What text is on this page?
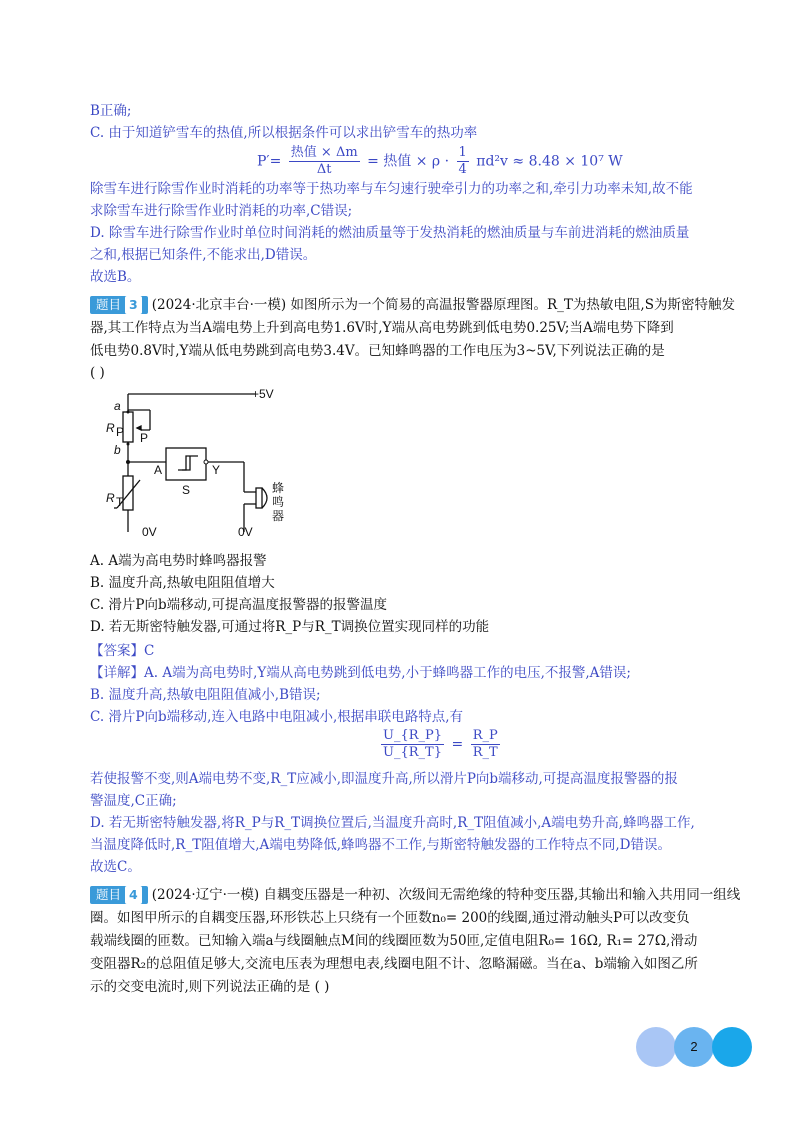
B正确;
C. 由于知道铲雪车的热值,所以根据条件可以求出铲雪车的热功率
$P'= \frac{\text{热值 × Δm}}{\Delta t}$ = 热值 × $\rho \cdot \frac{1}{4} \pi d^2v \approx 8.48 \times 10^7$ W
除雪车进行除雪作业时消耗的功率等于热功率与车匀速行驶牵引力的功率之和,牵引力功率未知,故不能
求除雪车进行除雪作业时消耗的功率,C错误;
D. 除雪车进行除雪作业时单位时间消耗的燃油质量等于发热消耗的燃油质量与车前进消耗的燃油质量
之和,根据已知条件,不能求出,D错误。
故选B。
题目 3 (2024·北京丰台·一模) 如图所示为一个简易的高温报警器原理图。R_T为热敏电阻,S为斯密特触发
器,其工作特点为当A端电势上升到高电势1.6V时,Y端从高电势跳到低电势0.25V;当A端电势下降到
低电势0.8V时,Y端从低电势跳到高电势3.4V。已知蜂鸣器的工作电压为3~5V,下列说法正确的是
( )
+5V
a
b
R P P
R T
A
S
Y
0V	0V
蜂
鸣
器
A. A端为高电势时蜂鸣器报警
B. 温度升高,热敏电阻阻值增大
C. 滑片P向b端移动,可提高温度报警器的报警温度
D. 若无斯密特触发器,可通过将R_P与R_T调换位置实现同样的功能
【答案】C
【详解】A. A端为高电势时,Y端从高电势跳到低电势,小于蜂鸣器工作的电压,不报警,A错误;
B. 温度升高,热敏电阻阻值减小,B错误;
C. 滑片P向b端移动,连入电路中电阻减小,根据串联电路特点,有
$\frac{U\_\{R\_P\}}{U\_\{R\_T\}} = \frac{R\_P}{R\_T}$
若使报警不变,则A端电势不变,R_T应减小,即温度升高,所以滑片P向b端移动,可提高温度报警器的报
警温度,C正确;
D. 若无斯密特触发器,将R_P与R_T调换位置后,当温度升高时,R_T阻值减小,A端电势升高,蜂鸣器工作,
当温度降低时,R_T阻值增大,A端电势降低,蜂鸣器不工作,与斯密特触发器的工作特点不同,D错误。
故选C。
题目 4 (2024·辽宁·一模) 自耦变压器是一种初、次级间无需绝缘的特种变压器,其输出和输入共用同一组线
圈。如图甲所示的自耦变压器,环形铁芯上只绕有一个匝数n₀= 200的线圈,通过滑动触头P可以改变负
载端线圈的匝数。已知输入端a与线圈触点M间的线圈匝数为50匝,定值电阻R₀= 16Ω, R₁= 27Ω,滑动
变阻器R₂的总阻值足够大,交流电压表为理想电表,线圈电阻不计、忽略漏磁。当在a、b端输入如图乙所
示的交变电流时,则下列说法正确的是 ( )
2
